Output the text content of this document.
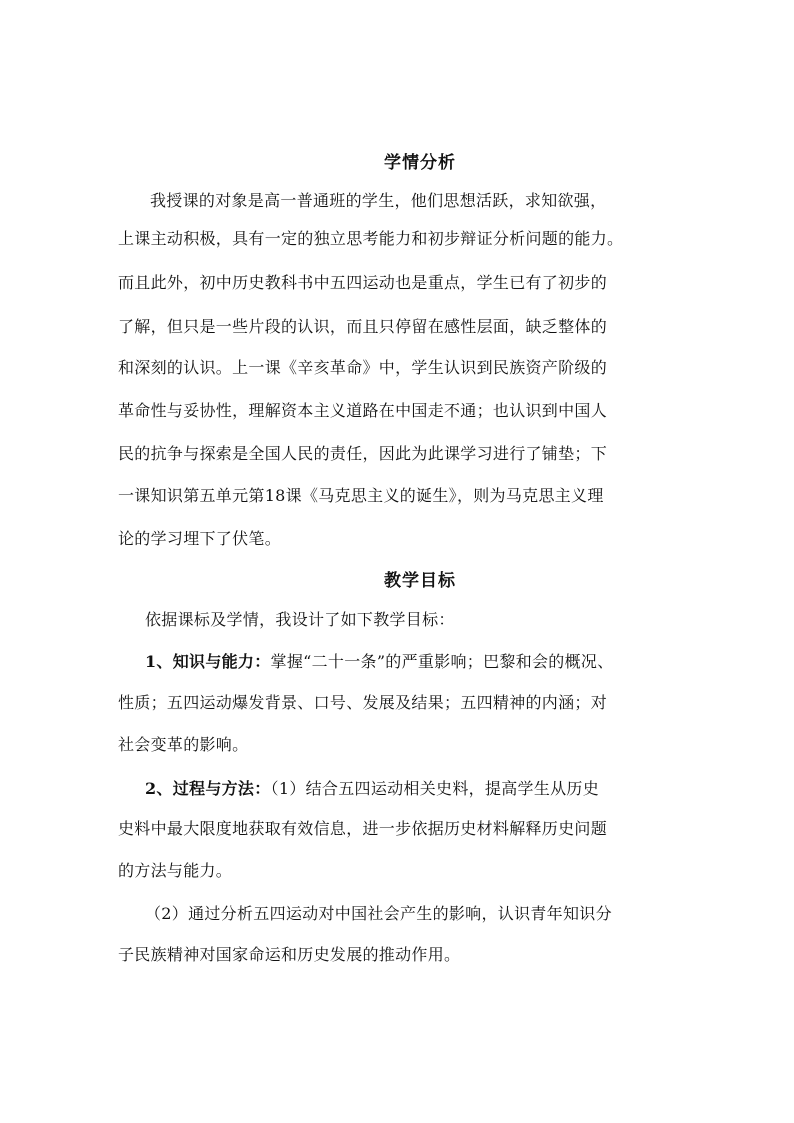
学情分析
我授课的对象是高一普通班的学生，他们思想活跃，求知欲强，
上课主动积极，具有一定的独立思考能力和初步辩证分析问题的能力。
而且此外，初中历史教科书中五四运动也是重点，学生已有了初步的
了解，但只是一些片段的认识，而且只停留在感性层面，缺乏整体的
和深刻的认识。上一课《辛亥革命》中，学生认识到民族资产阶级的
革命性与妥协性，理解资本主义道路在中国走不通；也认识到中国人
民的抗争与探索是全国人民的责任，因此为此课学习进行了铺垫；下
一课知识第五单元第18课《马克思主义的诞生》，则为马克思主义理
论的学习埋下了伏笔。
教学目标
依据课标及学情，我设计了如下教学目标：
1、知识与能力：掌握“二十一条”的严重影响；巴黎和会的概况、
性质；五四运动爆发背景、口号、发展及结果；五四精神的内涵；对
社会变革的影响。
2、过程与方法：（1）结合五四运动相关史料，提高学生从历史
史料中最大限度地获取有效信息，进一步依据历史材料解释历史问题
的方法与能力。
（2）通过分析五四运动对中国社会产生的影响，认识青年知识分
子民族精神对国家命运和历史发展的推动作用。
